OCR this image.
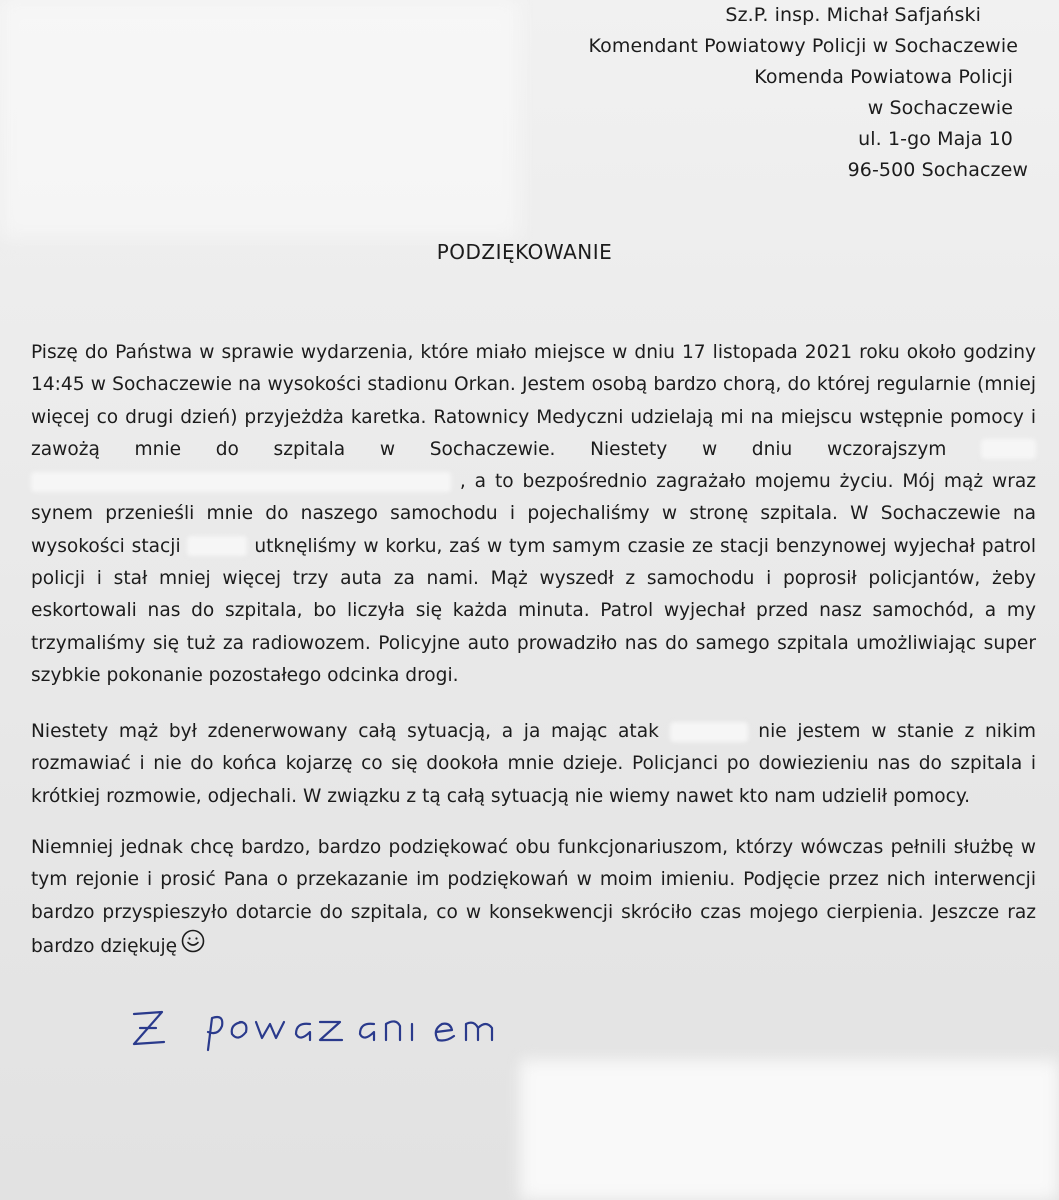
Sz.P. insp. Michał Safjański
Komendant Powiatowy Policji w Sochaczewie
Komenda Powiatowa Policji
w Sochaczewie
ul. 1-go Maja 10
96-500 Sochaczew
PODZIĘKOWANIE
Piszę do Państwa w sprawie wydarzenia, które miało miejsce w dniu 17 listopada 2021 roku około godziny 14:45 w Sochaczewie na wysokości stadionu Orkan. Jestem osobą bardzo chorą, do której regularnie (mniej więcej co drugi dzień) przyjeżdża karetka. Ratownicy Medyczni udzielają mi na miejscu wstępnie pomocy i zawożą mnie do szpitala w Sochaczewie. Niestety w dniu wczorajszym   , a to bezpośrednio zagrażało mojemu życiu. Mój mąż wraz synem przenieśli mnie do naszego samochodu i pojechaliśmy w stronę szpitala. W Sochaczewie na wysokości stacji	utknęliśmy w korku, zaś w tym samym czasie ze stacji benzynowej wyjechał patrol policji i stał mniej więcej trzy auta za nami. Mąż wyszedł z samochodu i poprosił policjantów, żeby eskortowali nas do szpitala, bo liczyła się każda minuta. Patrol wyjechał przed nasz samochód, a my trzymaliśmy się tuż za radiowozem. Policyjne auto prowadziło nas do samego szpitala umożliwiając super szybkie pokonanie pozostałego odcinka drogi.
Niestety mąż był zdenerwowany całą sytuacją, a ja mając atak	nie jestem w stanie z nikim rozmawiać i nie do końca kojarzę co się dookoła mnie dzieje. Policjanci po dowiezieniu nas do szpitala i krótkiej rozmowie, odjechali. W związku z tą całą sytuacją nie wiemy nawet kto nam udzielił pomocy.
Niemniej jednak chcę bardzo, bardzo podziękować obu funkcjonariuszom, którzy wówczas pełnili służbę w tym rejonie i prosić Pana o przekazanie im podziękowań w moim imieniu. Podjęcie przez nich interwencji bardzo przyspieszyło dotarcie do szpitala, co w konsekwencji skróciło czas mojego cierpienia. Jeszcze raz bardzo dziękuję
